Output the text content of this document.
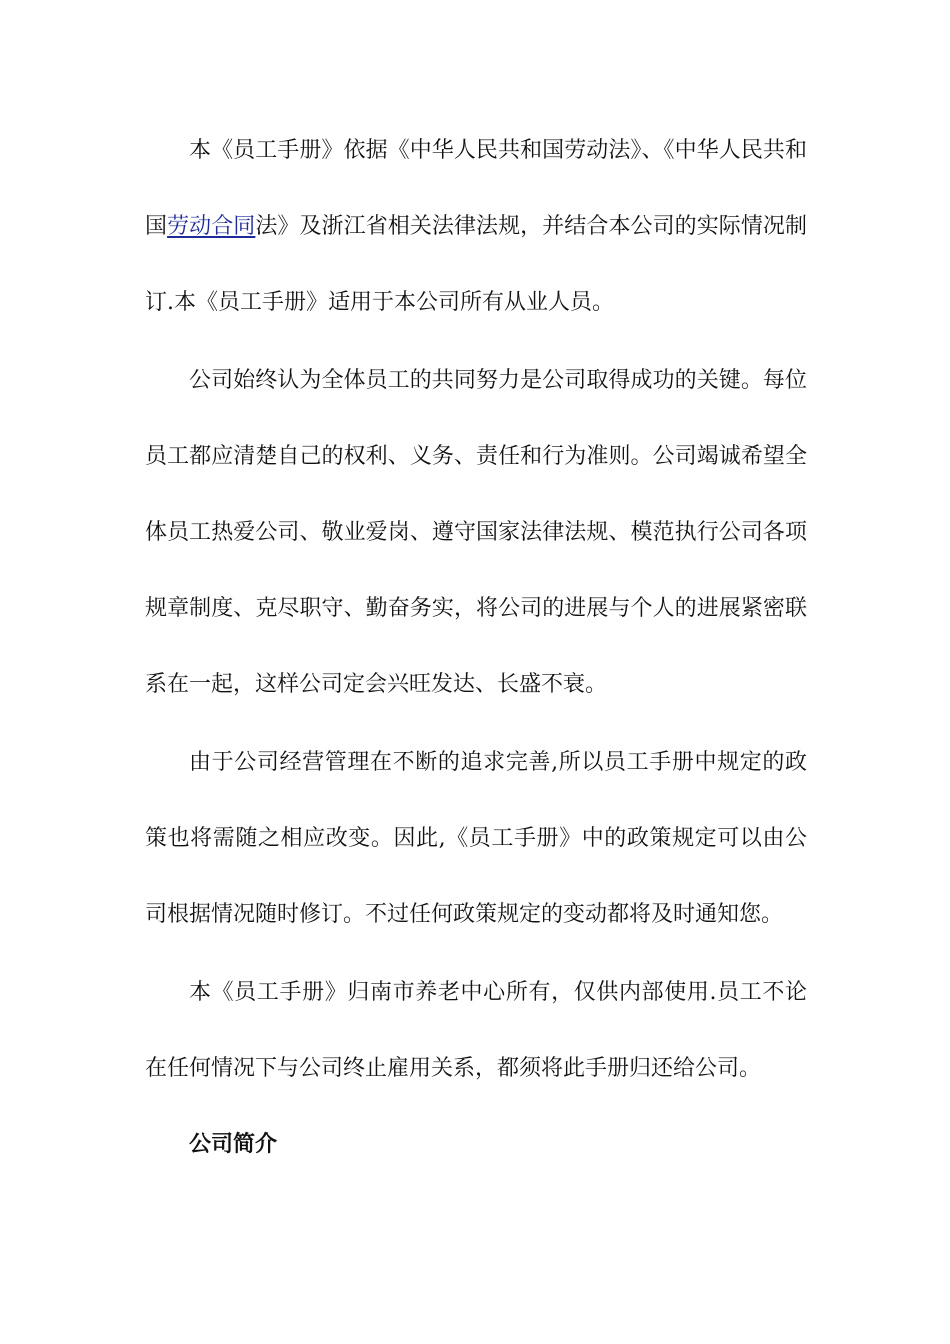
本《员工手册》依据《中华人民共和国劳动法》、《中华人民共和国劳动合同法》及浙江省相关法律法规，并结合本公司的实际情况制订.本《员工手册》适用于本公司所有从业人员。

公司始终认为全体员工的共同努力是公司取得成功的关键。每位员工都应清楚自己的权利、义务、责任和行为准则。公司竭诚希望全体员工热爱公司、敬业爱岗、遵守国家法律法规、模范执行公司各项规章制度、克尽职守、勤奋务实，将公司的进展与个人的进展紧密联系在一起，这样公司定会兴旺发达、长盛不衰。

由于公司经营管理在不断的追求完善,所以员工手册中规定的政策也将需随之相应改变。因此,《员工手册》中的政策规定可以由公司根据情况随时修订。不过任何政策规定的变动都将及时通知您。

本《员工手册》归南市养老中心所有，仅供内部使用.员工不论在任何情况下与公司终止雇用关系，都须将此手册归还给公司。

公司简介
